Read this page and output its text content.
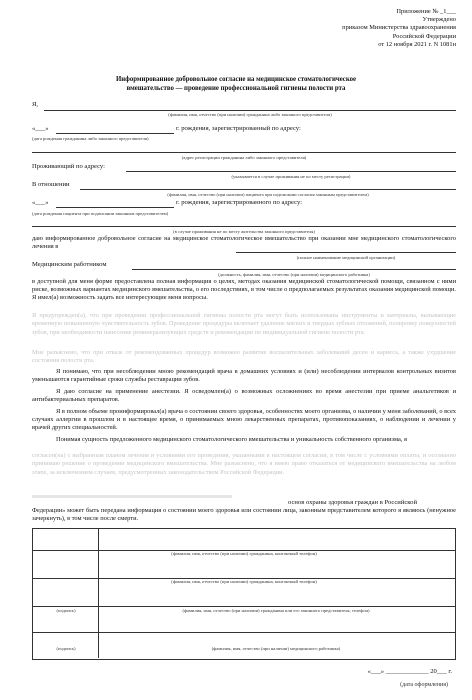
Приложение № _1___
Утверждено
приказом Министерства здравоохранения
Российской Федерации
от 12 ноября 2021 г. N 1081н
Информированное добровольное согласие на медицинское стоматологическое
вмешательство — проведение профессиональной гигиены полости рта
Я,
(фамилия, имя, отчество (при наличии) гражданина либо законного представителя)
«___»	г. рождения, зарегистрированный по адресу:
(дата рождения гражданина либо законного представителя)
(адрес регистрации гражданина либо законного представителя)
Проживающий по адресу:
(указывается в случае проживания не по месту регистрации)
В отношении
(фамилия, имя, отчество (при наличии) пациента при подписании согласия законным представителем)
«___»	г. рождения, зарегистрированного по адресу:
(дата рождения пациента при подписании законным представителем)
(в случае проживания не по месту жительства законного представителя)
даю информированное добровольное согласие на медицинское стоматологическое вмешательство при оказании мне медицинского стоматологического лечения в
(полное наименование медицинской организации)
Медицинским работником
(должность, фамилия, имя, отчество (при наличии) медицинского работника)
в доступной для меня форме предоставлена полная информация о целях, методах оказания медицинской стоматологической помощи, связанном с ними риске, возможных вариантах медицинского вмешательства, о его последствиях, в том числе о предполагаемых результатах оказания медицинской помощи. Я имел(а) возможность задать все интересующие меня вопросы.
Я предупрежден(а), что при проведении профессиональной гигиены полости рта могут быть использованы инструменты и материалы, вызывающие временную повышенную чувствительность зубов. Проведение процедуры включает удаление мягких и твердых зубных отложений, полировку поверхностей зубов, при необходимости нанесение реминерализующих средств и рекомендации по индивидуальной гигиене полости рта.
Мне разъяснено, что при отказе от рекомендованных процедур возможно развитие воспалительных заболеваний десен и кариеса, а также ухудшение состояния полости рта.
Я понимаю, что при несоблюдении мною рекомендаций врача в домашних условиях и (или) несоблюдении интервалов контрольных визитов уменьшаются гарантийные сроки службы реставрации зубов.
Я даю согласие на применение анестезии. Я осведомлен(а) о возможных осложнениях во время анестезии при приеме анальгетиков и антибактериальных препаратов.
Я в полном объеме проинформировал(а) врача о состоянии своего здоровья, особенностях моего организма, о наличии у меня заболеваний, о всех случаях аллергии в прошлом и в настоящее время, о принимаемых мною лекарственных препаратах, противопоказаниях, о наблюдении и лечении у врачей других специальностей.
Понимая сущность предложенного медицинского стоматологического вмешательства и уникальность собственного организма, я
согласен(на) с выбранным планом лечения и условиями его проведения, указанными в настоящем согласии, в том числе с условиями оплаты, и осознанно принимаю решение о проведении медицинского вмешательства. Мне разъяснено, что я имею право отказаться от медицинского вмешательства на любом этапе, за исключением случаев, предусмотренных законодательством Российской Федерации.
основ охраны здоровья граждан в Российской
Федерации» может быть передана информация о состоянии моего здоровья или состоянии лица, законным представителем которого я являюсь (ненужное зачеркнуть), в том числе после смерти.
(фамилия, имя, отчество (при наличии) гражданина, контактный телефон)
(фамилия, имя, отчество (при наличии) гражданина, контактный телефон)
(подпись)	(фамилия, имя, отчество (при наличии) гражданина или его законного представителя, телефон)
(подпись)	(фамилия, имя, отчество (при наличии) медицинского работника)
«___» _____________ 20___ г.
(дата оформления)
